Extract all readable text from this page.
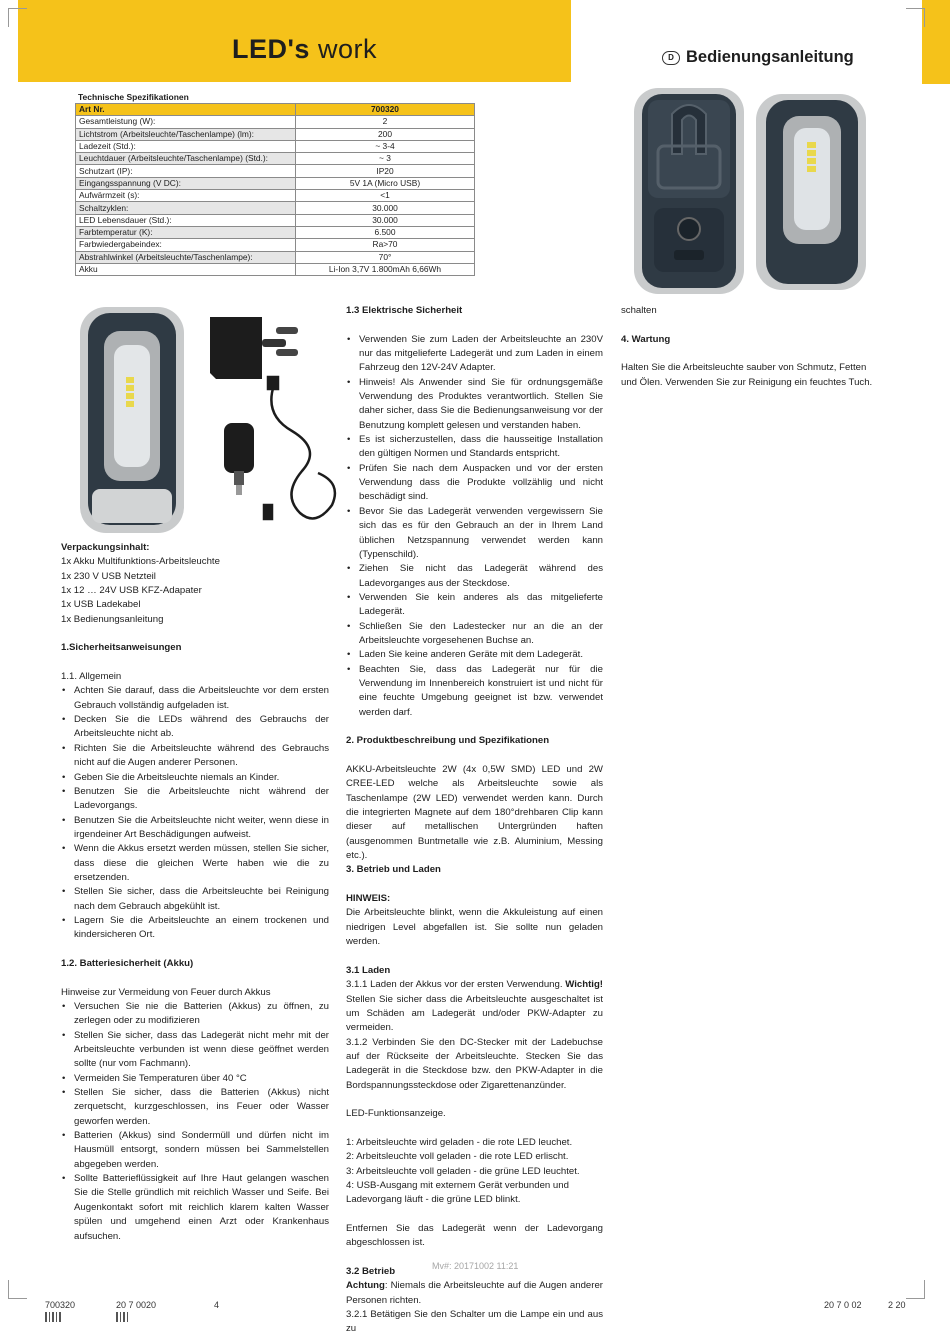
LED's work	D Bedienungsanleitung
Technische Spezifikationen
Art Nr.	700320
Gesamtleistung (W):	2
Lichtstrom (Arbeitsleuchte/Taschenlampe) (lm):	200
Ladezeit (Std.):	~ 3-4
Leuchtdauer (Arbeitsleuchte/Taschenlampe) (Std.):	~ 3
Schutzart (IP):	IP20
Eingangsspannung (V DC):	5V 1A (Micro USB)
Aufwärmzeit (s):	<1
Schaltzyklen:	30.000
LED Lebensdauer (Std.):	30.000
Farbtemperatur (K):	6.500
Farbwiedergabeindex:	Ra>70
Abstrahlwinkel (Arbeitsleuchte/Taschenlampe):	70°
Akku	Li-Ion 3,7V 1.800mAh 6,66Wh

Verpackungsinhalt:

1x Akku Multifunktions-Arbeitsleuchte

1x 230 V USB Netzteil

1x 12 … 24V USB KFZ-Adapater

1x USB Ladekabel

1x Bedienungsanleitung

1.Sicherheitsanweisungen

1.1. Allgemein

• Achten Sie darauf, dass die Arbeitsleuchte vor dem ersten Gebrauch vollständig aufgeladen ist.
• Decken Sie die LEDs während des Gebrauchs der Arbeitsleuchte nicht ab.
• Richten Sie die Arbeitsleuchte während des Gebrauchs nicht auf die Augen anderer Personen.
• Geben Sie die Arbeitsleuchte niemals an Kinder.
• Benutzen Sie die Arbeitsleuchte nicht während der Ladevorgangs.
• Benutzen Sie die Arbeitsleuchte nicht weiter, wenn diese in irgendeiner Art Beschädigungen aufweist.
• Wenn die Akkus ersetzt werden müssen, stellen Sie sicher, dass diese die gleichen Werte haben wie die zu ersetzenden.
• Stellen Sie sicher, dass die Arbeitsleuchte bei Reinigung nach dem Gebrauch abgekühlt ist.
• Lagern Sie die Arbeitsleuchte an einem trockenen und kindersicheren Ort.

1.2. Batteriesicherheit (Akku)

Hinweise zur Vermeidung von Feuer durch Akkus

• Versuchen Sie nie die Batterien (Akkus) zu öffnen, zu zerlegen oder zu modifizieren
• Stellen Sie sicher, dass das Ladegerät nicht mehr mit der Arbeitsleuchte verbunden ist wenn diese geöffnet werden sollte (nur vom Fachmann).
• Vermeiden Sie Temperaturen über 40 °C
• Stellen Sie sicher, dass die Batterien (Akkus) nicht zerquetscht, kurzgeschlossen, ins Feuer oder Wasser geworfen werden.
• Batterien (Akkus) sind Sondermüll und dürfen nicht im Hausmüll entsorgt, sondern müssen bei Sammelstellen abgegeben werden.
• Sollte Batterieflüssigkeit auf Ihre Haut gelangen waschen Sie die Stelle gründlich mit reichlich Wasser und Seife. Bei Augenkontakt sofort mit reichlich klarem kalten Wasser spülen und umgehend einen Arzt oder Krankenhaus aufsuchen.

1.3 Elektrische Sicherheit

• Verwenden Sie zum Laden der Arbeitsleuchte an 230V nur das mitgelieferte Ladegerät und zum Laden in einem Fahrzeug den 12V-24V Adapter.
• Hinweis! Als Anwender sind Sie für ordnungsgemäße Verwendung des Produktes verantwortlich. Stellen Sie daher sicher, dass Sie die Bedienungsanweisung vor der Benutzung komplett gelesen und verstanden haben.
• Es ist sicherzustellen, dass die hausseitige Installation den gültigen Normen und Standards entspricht.
• Prüfen Sie nach dem Auspacken und vor der ersten Verwendung dass die Produkte vollzählig und nicht beschädigt sind.
• Bevor Sie das Ladegerät verwenden vergewissern Sie sich das es für den Gebrauch an der in Ihrem Land üblichen Netzspannung verwendet werden kann (Typenschild).
• Ziehen Sie nicht das Ladegerät während des Ladevorganges aus der Steckdose.
• Verwenden Sie kein anderes als das mitgelieferte Ladegerät.
• Schließen Sie den Ladestecker nur an die an der Arbeitsleuchte vorgesehenen Buchse an.
• Laden Sie keine anderen Geräte mit dem Ladegerät.
• Beachten Sie, dass das Ladegerät nur für die Verwendung im Innenbereich konstruiert ist und nicht für eine feuchte Umgebung geeignet ist bzw. verwendet werden darf.

2. Produktbeschreibung und Spezifikationen

AKKU-Arbeitsleuchte 2W (4x 0,5W SMD) LED und 2W CREE-LED welche als Arbeitsleuchte sowie als Taschenlampe (2W LED) verwendet werden kann. Durch die integrierten Magnete auf dem 180°drehbaren Clip kann dieser auf metallischen Untergründen haften (ausgenommen Buntmetalle wie z.B. Aluminium, Messing etc.).

3. Betrieb und Laden

HINWEIS:

Die Arbeitsleuchte blinkt, wenn die Akkuleistung auf einen niedrigen Level abgefallen ist. Sie sollte nun geladen werden.

3.1 Laden

3.1.1 Laden der Akkus vor der ersten Verwendung. Wichtig! Stellen Sie sicher dass die Arbeitsleuchte ausgeschaltet ist um Schäden am Ladegerät und/oder PKW-Adapter zu vermeiden.

3.1.2 Verbinden Sie den DC-Stecker mit der Ladebuchse auf der Rückseite der Arbeitsleuchte. Stecken Sie das Ladegerät in die Steckdose bzw. den PKW-Adapter in die Bordspannungssteckdose oder Zigarettenanzünder.

LED-Funktionsanzeige.

1: Arbeitsleuchte wird geladen - die rote LED leuchet.

2: Arbeitsleuchte voll geladen - die rote LED erlischt.

3: Arbeitsleuchte voll geladen - die grüne LED leuchtet.

4: USB-Ausgang mit externem Gerät verbunden und Ladevorgang läuft - die grüne LED blinkt.

Entfernen Sie das Ladegerät wenn der Ladevorgang abgeschlossen ist.

3.2 Betrieb

Achtung: Niemals die Arbeitsleuchte auf die Augen anderer Personen richten.

3.2.1 Betätigen Sie den Schalter um die Lampe ein und aus zu

schalten

4. Wartung

Halten Sie die Arbeitsleuchte sauber von Schmutz, Fetten und Ölen. Verwenden Sie zur Reinigung ein feuchtes Tuch.

Mv#: 20171002 11:21
700320	20 7 0020	4	20 7 0 02	2 20
